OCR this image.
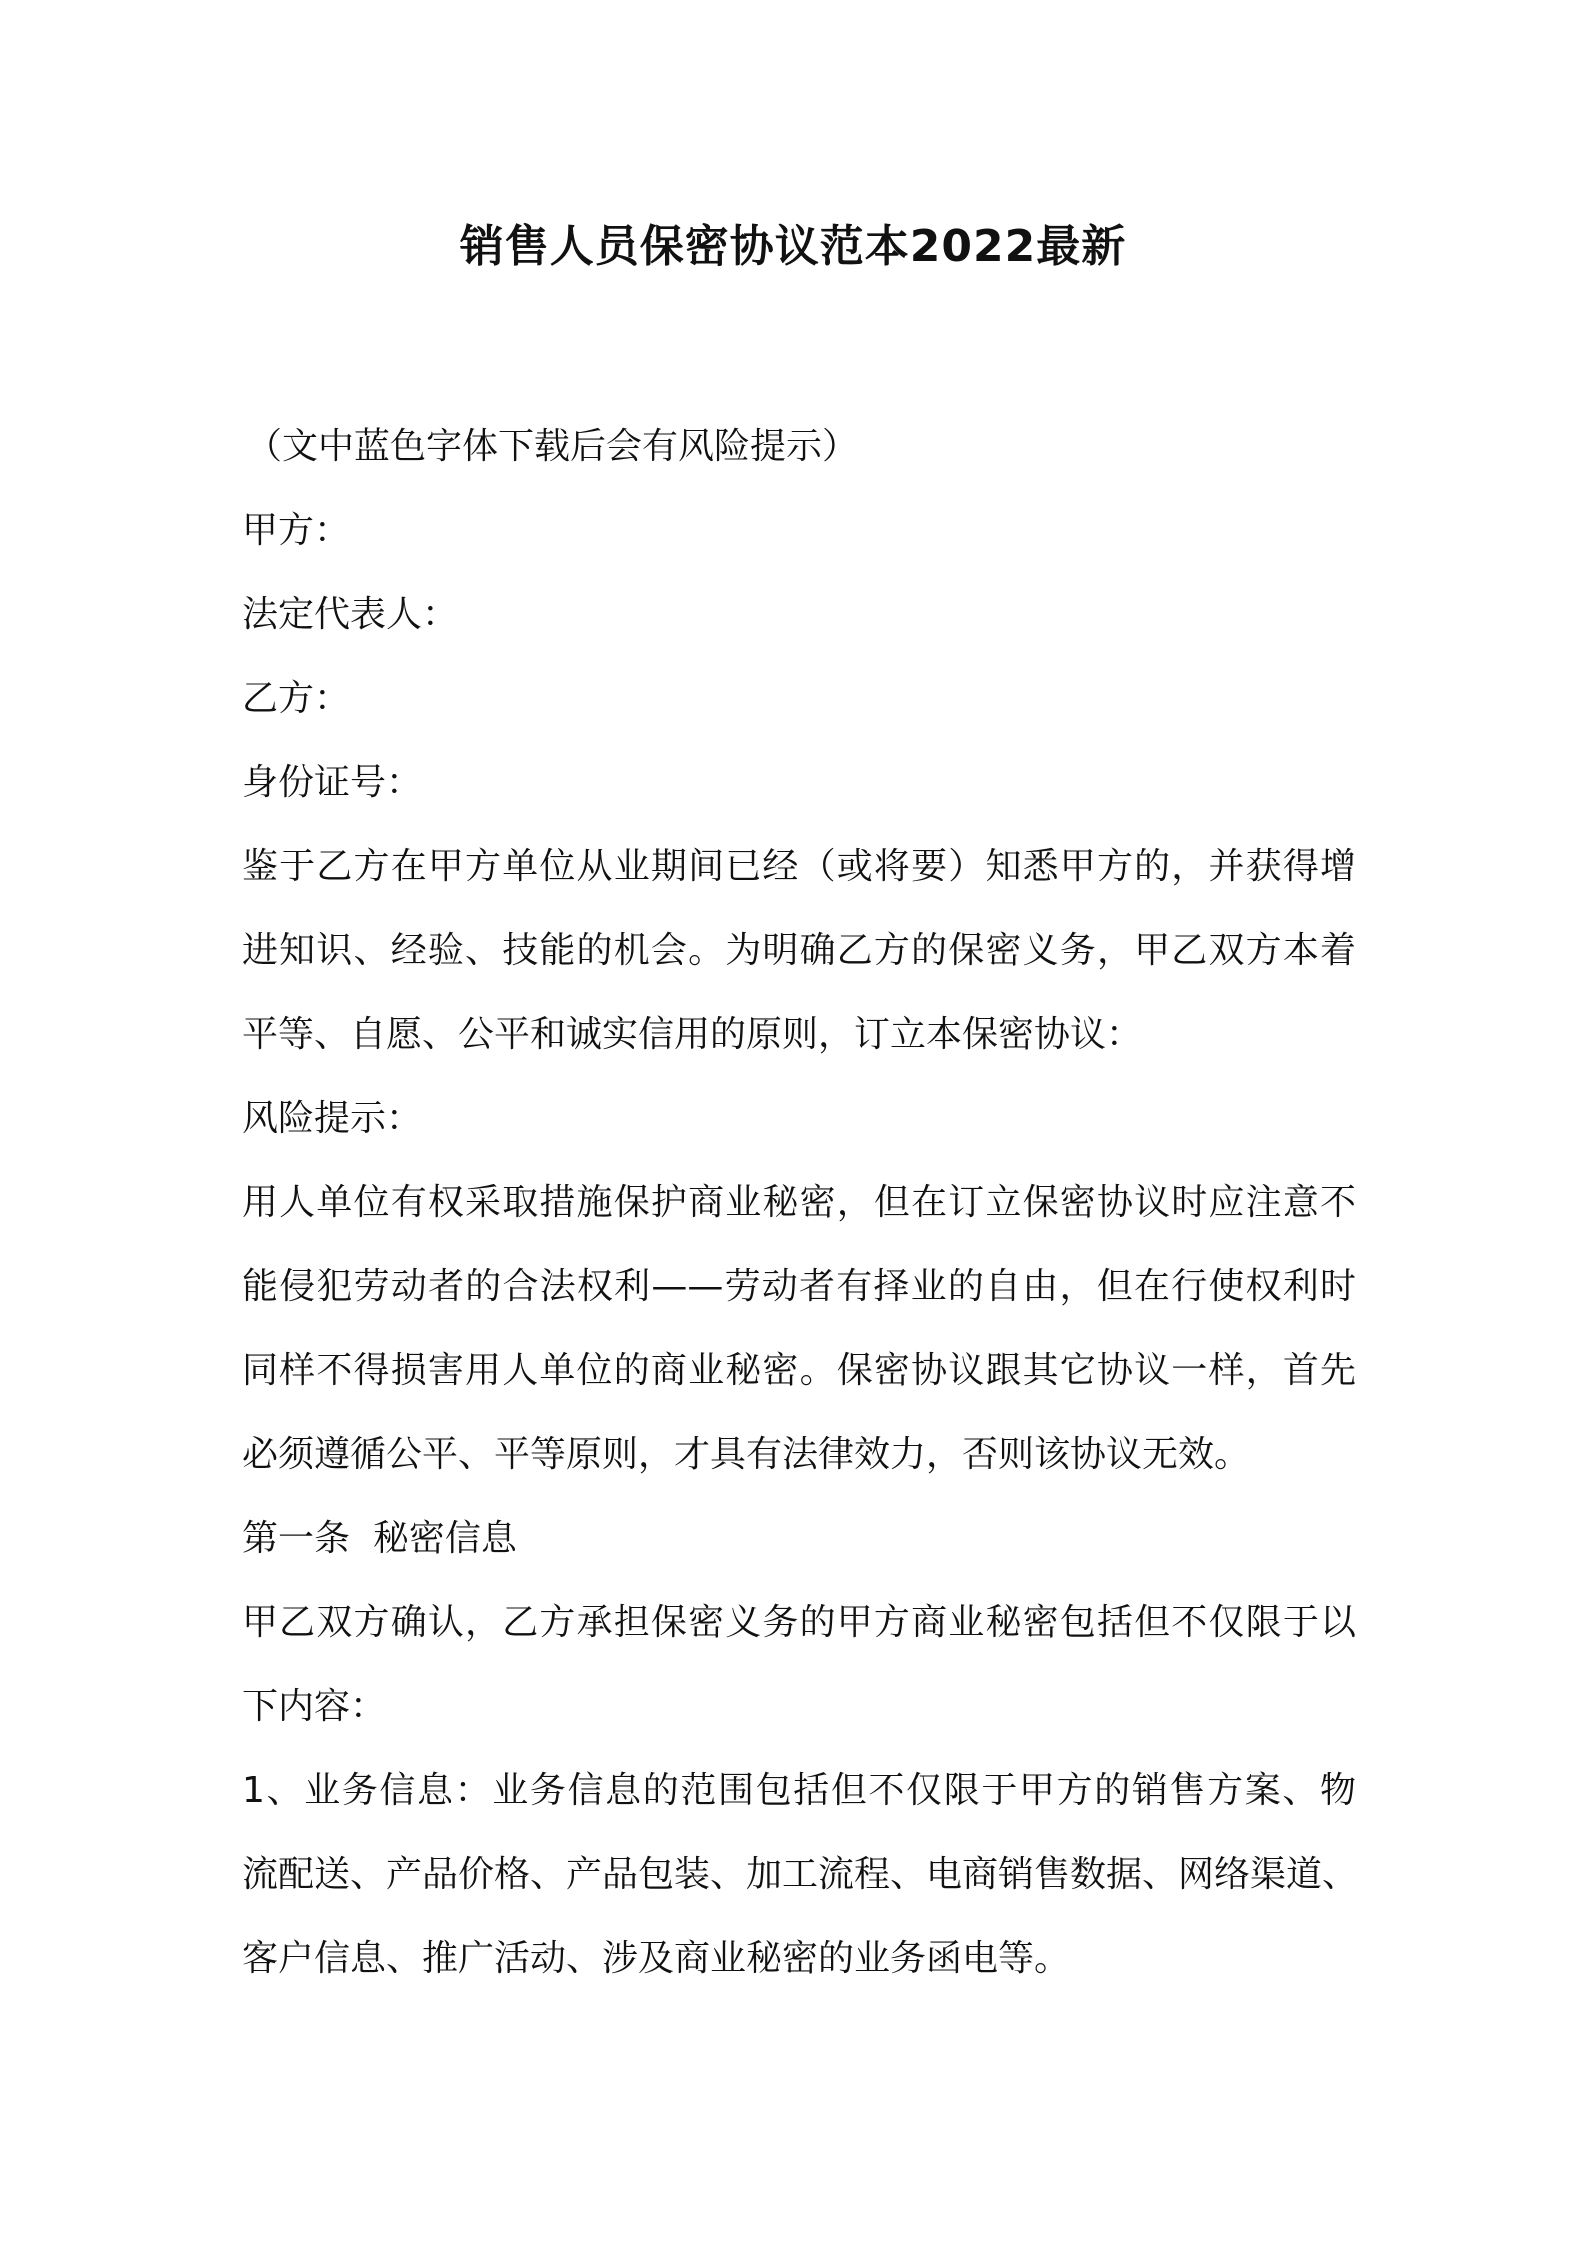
销售人员保密协议范本2022最新

（文中蓝色字体下载后会有风险提示）

甲方：

法定代表人：

乙方：

身份证号：

鉴于乙方在甲方单位从业期间已经（或将要）知悉甲方的，并获得增

进知识、经验、技能的机会。为明确乙方的保密义务，甲乙双方本着

平等、自愿、公平和诚实信用的原则，订立本保密协议：

风险提示：

用人单位有权采取措施保护商业秘密，但在订立保密协议时应注意不

能侵犯劳动者的合法权利——劳动者有择业的自由，但在行使权利时

同样不得损害用人单位的商业秘密。保密协议跟其它协议一样，首先

必须遵循公平、平等原则，才具有法律效力，否则该协议无效。

第一条  秘密信息

甲乙双方确认，乙方承担保密义务的甲方商业秘密包括但不仅限于以

下内容：

1、业务信息：业务信息的范围包括但不仅限于甲方的销售方案、物

流配送、产品价格、产品包装、加工流程、电商销售数据、网络渠道、

客户信息、推广活动、涉及商业秘密的业务函电等。
